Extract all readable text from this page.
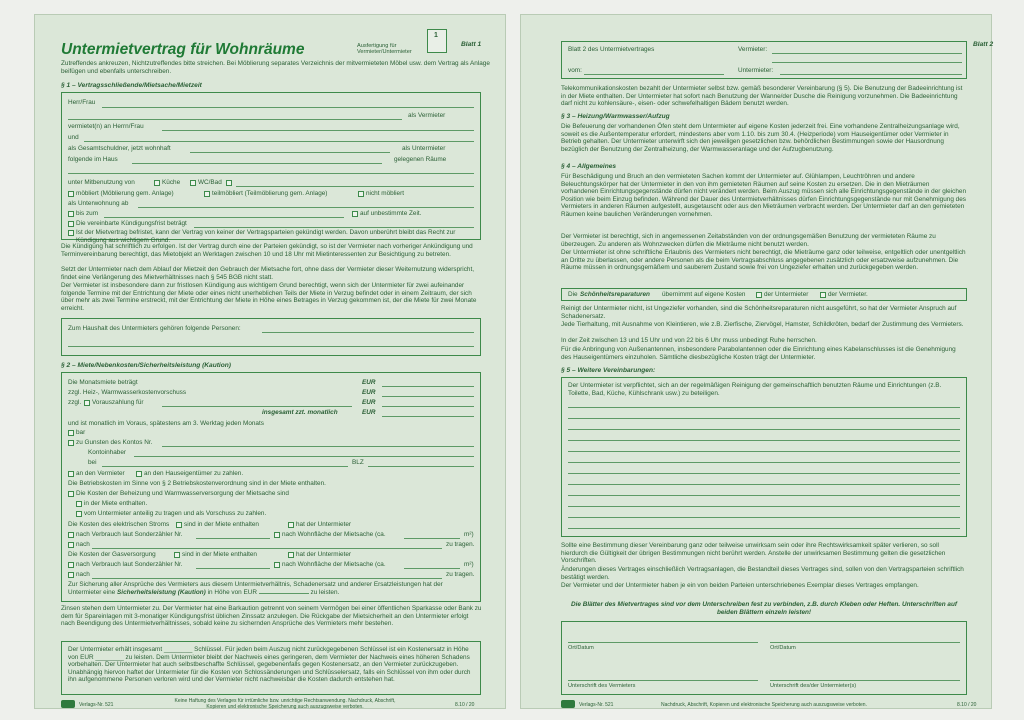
Untermietvertrag für Wohnräume	Ausfertigung für Vermieter/Untermieter
1
Blatt 1
Zutreffendes ankreuzen, Nichtzutreffendes bitte streichen. Bei Möblierung separates Verzeichnis der mitvermieteten Möbel usw. dem Vertrag als Anlage beifügen und ebenfalls unterschreiben.
§ 1 – Vertragsschließende/Mietsache/Mietzeit
Herr/Frau
als Vermieter
vermietet(n) an Herrn/Frau
und
als Gesamtschuldner, jetzt wohnhaft	als Untermieter
folgende im Haus	gelegenen Räume
unter Mitbenutzung von	Küche	WC/Bad
möbliert (Möblierung gem. Anlage)	teilmöbliert (Teilmöblierung gem. Anlage)	nicht möbliert
als Unterwohnung ab
bis zum	auf unbestimmte Zeit.
Die vereinbarte Kündigungsfrist beträgt
Ist der Mietvertrag befristet, kann der Vertrag von keiner der Vertragsparteien gekündigt werden. Davon unberührt bleibt das Recht zur Kündigung aus wichtigem Grund.
Die Kündigung hat schriftlich zu erfolgen. Ist der Vertrag durch eine der Parteien gekündigt, so ist der Vermieter nach vorheriger Ankündigung und Terminvereinbarung berechtigt, das Mietobjekt an Werktagen zwischen 10 und 18 Uhr mit Mietinteressenten zur Besichtigung zu betreten.
Setzt der Untermieter nach dem Ablauf der Mietzeit den Gebrauch der Mietsache fort, ohne dass der Vermieter dieser Weiternutzung widerspricht, findet eine Verlängerung des Mietverhältnisses nach § 545 BGB nicht statt.
Der Vermieter ist insbesondere dann zur fristlosen Kündigung aus wichtigem Grund berechtigt, wenn sich der Untermieter für zwei aufeinander folgende Termine mit der Entrichtung der Miete oder eines nicht unerheblichen Teils der Miete in Verzug befindet oder in einem Zeitraum, der sich über mehr als zwei Termine erstreckt, mit der Entrichtung der Miete in Höhe eines Betrages in Verzug gekommen ist, der die Miete für zwei Monate erreicht.
Zum Haushalt des Untermieters gehören folgende Personen:
§ 2 – Miete/Nebenkosten/Sicherheitsleistung (Kaution)
Die Monatsmiete beträgt	EUR
zzgl. Heiz-, Warmwasserkostenvorschuss	EUR
zzgl. Vorauszahlung für	EUR
insgesamt zzt. monatlich	EUR
und ist monatlich im Voraus, spätestens am 3. Werktag jeden Monats
bar
zu Gunsten des Kontos Nr.
Kontoinhaber
bei	BLZ
an den Vermieter	an den Hauseigentümer zu zahlen.
Die Betriebskosten im Sinne von § 2 Betriebskostenverordnung sind in der Miete enthalten.
Die Kosten der Beheizung und Warmwasserversorgung der Mietsache sind
in der Miete enthalten.
vom Untermieter anteilig zu tragen und als Vorschuss zu zahlen.
Die Kosten des elektrischen Stroms sind in der Miete enthalten	hat der Untermieter
nach Verbrauch laut Sonderzähler Nr.	nach Wohnfläche der Mietsache (ca.	m²)
nach	zu tragen.
Die Kosten der Gasversorgung	sind in der Miete enthalten	hat der Untermieter
nach Verbrauch laut Sonderzähler Nr.	nach Wohnfläche der Mietsache (ca.	m²)
nach	zu tragen.
Zur Sicherung aller Ansprüche des Vermieters aus diesem Untermietverhältnis, Schadenersatz und anderer Ersatzleistungen hat der Untermieter eine Sicherheitsleistung (Kaution) in Höhe von EUR	zu leisten.
Zinsen stehen dem Untermieter zu. Der Vermieter hat eine Barkaution getrennt von seinem Vermögen bei einer öffentlichen Sparkasse oder Bank zu dem für Spareinlagen mit 3-monatiger Kündigungsfrist üblichen Zinssatz anzulegen. Die Rückgabe der Mietsicherheit an den Untermieter erfolgt nach Beendigung des Untermietverhältnisses, sobald keine zu sichernden Ansprüche des Vermieters mehr bestehen.
Der Untermieter erhält insgesamt ________ Schlüssel. Für jeden beim Auszug nicht zurückgegebenen Schlüssel ist ein Kostenersatz in Höhe von EUR ________ zu leisten. Dem Untermieter bleibt der Nachweis eines geringeren, dem Vermieter der Nachweis eines höheren Schadens vorbehalten. Der Untermieter hat auch selbstbeschaffte Schlüssel, gegebenenfalls gegen Kostenersatz, an den Vermieter zurückzugeben. Unabhängig hiervon haftet der Untermieter für die Kosten von Schlossänderungen und Schlüsselersatz, falls ein Schlüssel von ihm oder durch ihn aufgenommene Personen verloren wird und der Vermieter nicht nachweisbar die Kosten dadurch entstehen hat.
Verlags-Nr. 521
Keine Haftung des Verlages für irrtümliche bzw. unrichtige Rechtsanwendung. Nachdruck, Abschrift, Kopieren und elektronische Speicherung auch auszugsweise verboten.	8.10 / 20
Blatt 2 des Untermietvertrages	Vermieter:
vom:	Untermieter:
Blatt 2
Telekommunikationskosten bezahlt der Untermieter selbst bzw. gemäß besonderer Vereinbarung (§ 5). Die Benutzung der Badeeinrichtung ist in der Miete enthalten. Der Untermieter hat sofort nach Benutzung der Wanne/der Dusche die Reinigung vorzunehmen. Die Badeeinrichtung darf nicht zu kohlensäure-, eisen- oder schwefelhaltigen Bädern benutzt werden.
§ 3 – Heizung/Warmwasser/Aufzug
Die Befeuerung der vorhandenen Öfen steht dem Untermieter auf eigene Kosten jederzeit frei. Eine vorhandene Zentralheizungsanlage wird, soweit es die Außentemperatur erfordert, mindestens aber vom 1.10. bis zum 30.4. (Heizperiode) vom Hauseigentümer oder Vermieter in Betrieb gehalten. Der Untermieter unterwirft sich den jeweiligen gesetzlichen bzw. behördlichen Bestimmungen sowie der Hausordnung bezüglich der Benutzung der Zentralheizung, der Warmwasseranlage und der Aufzugbenutzung.
§ 4 – Allgemeines
Für Beschädigung und Bruch an den vermieteten Sachen kommt der Untermieter auf. Glühlampen, Leuchtröhren und andere Beleuchtungskörper hat der Untermieter in den von ihm gemieteten Räumen auf seine Kosten zu ersetzen. Die in den Mieträumen vorhandenen Einrichtungsgegenstände dürfen nicht verändert werden. Beim Auszug müssen sich alle Einrichtungsgegenstände in der gleichen Position wie beim Einzug befinden. Während der Dauer des Untermietverhältnisses dürfen Einrichtungsgegenstände nur mit Genehmigung des Vermieters in anderen Räumen aufgestellt, ausgetauscht oder aus den Mieträumen verbracht werden. Der Untermieter darf an den gemieteten Räumen keine baulichen Veränderungen vornehmen.
Der Vermieter ist berechtigt, sich in angemessenen Zeitabständen von der ordnungsgemäßen Benutzung der vermieteten Räume zu überzeugen. Zu anderen als Wohnzwecken dürfen die Mieträume nicht benutzt werden.
Der Untermieter ist ohne schriftliche Erlaubnis des Vermieters nicht berechtigt, die Mieträume ganz oder teilweise, entgeltlich oder unentgeltlich an Dritte zu überlassen, oder andere Personen als die beim Vertragsabschluss angegebenen zusätzlich oder ersatzweise aufzunehmen. Die Räume müssen in ordnungsgemäßem und sauberem Zustand sowie frei von Ungeziefer erhalten und zurückgegeben werden.
Die Schönheitsreparaturen übernimmt auf eigene Kosten	der Untermieter	der Vermieter.
Reinigt der Untermieter nicht, ist Ungeziefer vorhanden, sind die Schönheitsreparaturen nicht ausgeführt, so hat der Vermieter Anspruch auf Schadenersatz.
Jede Tierhaltung, mit Ausnahme von Kleintieren, wie z.B. Zierfische, Ziervögel, Hamster, Schildkröten, bedarf der Zustimmung des Vermieters.
In der Zeit zwischen 13 und 15 Uhr und von 22 bis 6 Uhr muss unbedingt Ruhe herrschen.
Für die Anbringung von Außenantennen, insbesondere Parabolantennen oder die Einrichtung eines Kabelanschlusses ist die Genehmigung des Hauseigentümers einzuholen. Sämtliche diesbezügliche Kosten trägt der Untermieter.
§ 5 – Weitere Vereinbarungen:
Der Untermieter ist verpflichtet, sich an der regelmäßigen Reinigung der gemeinschaftlich benutzten Räume und Einrichtungen (z.B. Toilette, Bad, Küche, Kühlschrank usw.) zu beteiligen.
Sollte eine Bestimmung dieser Vereinbarung ganz oder teilweise unwirksam sein oder ihre Rechtswirksamkeit später verlieren, so soll hierdurch die Gültigkeit der übrigen Bestimmungen nicht berührt werden. Anstelle der unwirksamen Bestimmung gelten die gesetzlichen Vorschriften.
Änderungen dieses Vertrages einschließlich Vertragsanlagen, die Bestandteil dieses Vertrages sind, sollen von den Vertragsparteien schriftlich bestätigt werden.
Der Vermieter und der Untermieter haben je ein von beiden Parteien unterschriebenes Exemplar dieses Vertrages empfangen.
Die Blätter des Mietvertrages sind vor dem Unterschreiben fest zu verbinden, z.B. durch Kleben oder Heften. Unterschriften auf beiden Blättern einzeln leisten!
Ort/Datum	Ort/Datum
Unterschrift des Vermieters	Unterschrift des/der Untermieter(s)
Verlags-Nr. 521	Nachdruck, Abschrift, Kopieren und elektronische Speicherung auch auszugsweise verboten.	8.10 / 20
